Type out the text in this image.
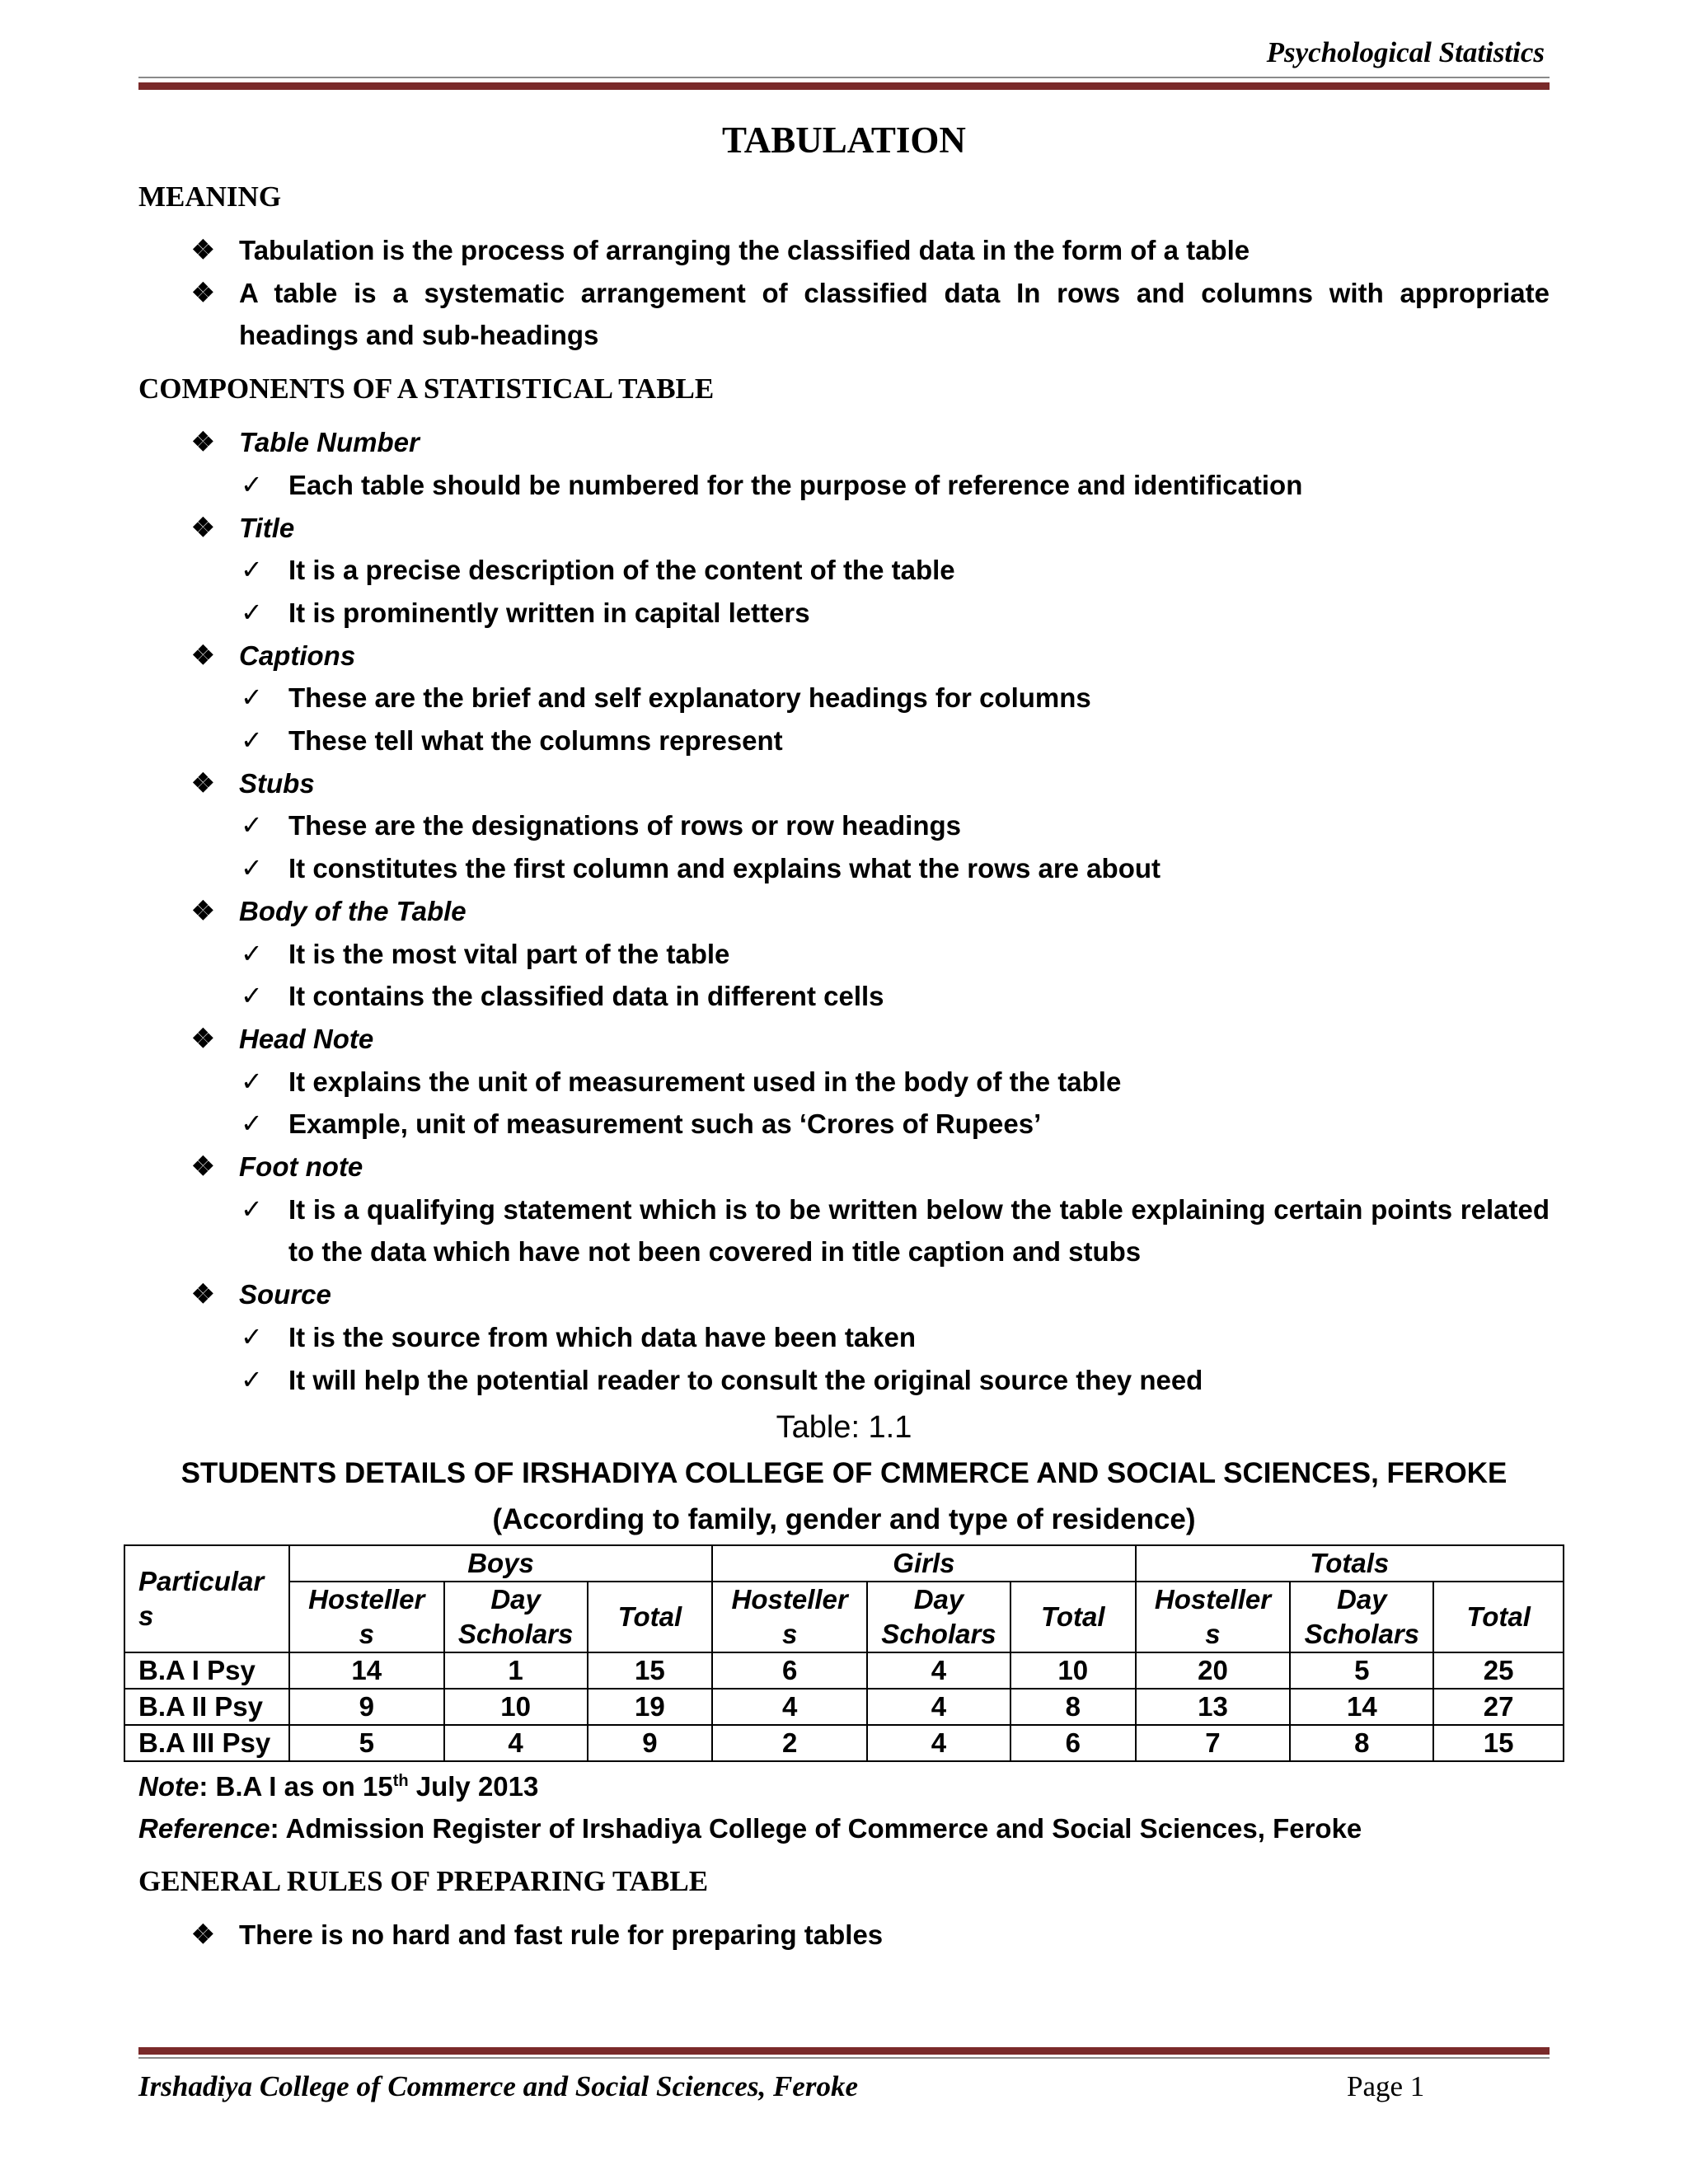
Psychological Statistics
TABULATION
MEANING
❖ Tabulation is the process of arranging the classified data in the form of a table
❖ A table is a systematic arrangement of classified data In rows and columns with appropriate headings and sub-headings
COMPONENTS OF A STATISTICAL TABLE
❖ Table Number
✓ Each table should be numbered for the purpose of reference and identification
❖ Title
✓ It is a precise description of the content of the table
✓ It is prominently written in capital letters
❖ Captions
✓ These are the brief and self explanatory headings for columns
✓ These tell what the columns represent
❖ Stubs
✓ These are the designations of rows or row headings
✓ It constitutes the first column and explains what the rows are about
❖ Body of the Table
✓ It is the most vital part of the table
✓ It contains the classified data in different cells
❖ Head Note
✓ It explains the unit of measurement used in the body of the table
✓ Example, unit of measurement such as ‘Crores of Rupees’
❖ Foot note
✓ It is a qualifying statement which is to be written below the table explaining certain points related to the data which have not been covered in title caption and stubs
❖ Source
✓ It is the source from which data have been taken
✓ It will help the potential reader to consult the original source they need

Table: 1.1

STUDENTS DETAILS OF IRSHADIYA COLLEGE OF CMMERCE AND SOCIAL SCIENCES, FEROKE

(According to family, gender and type of residence)

Particular
s	Boys			Girls			Totals		
	Hosteller
s	Day
Scholars	Total	Hosteller
s	Day
Scholars	Total	Hosteller
s	Day
Scholars	Total
B.A I Psy	14	1	15	6	4	10	20	5	25
B.A II Psy	9	10	19	4	4	8	13	14	27
B.A III Psy	5	4	9	2	4	6	7	8	15

Note: B.A I as on 15th July 2013

Reference: Admission Register of Irshadiya College of Commerce and Social Sciences, Feroke

GENERAL RULES OF PREPARING TABLE
❖ There is no hard and fast rule for preparing tables
Irshadiya College of Commerce and Social Sciences, Feroke	Page 1
